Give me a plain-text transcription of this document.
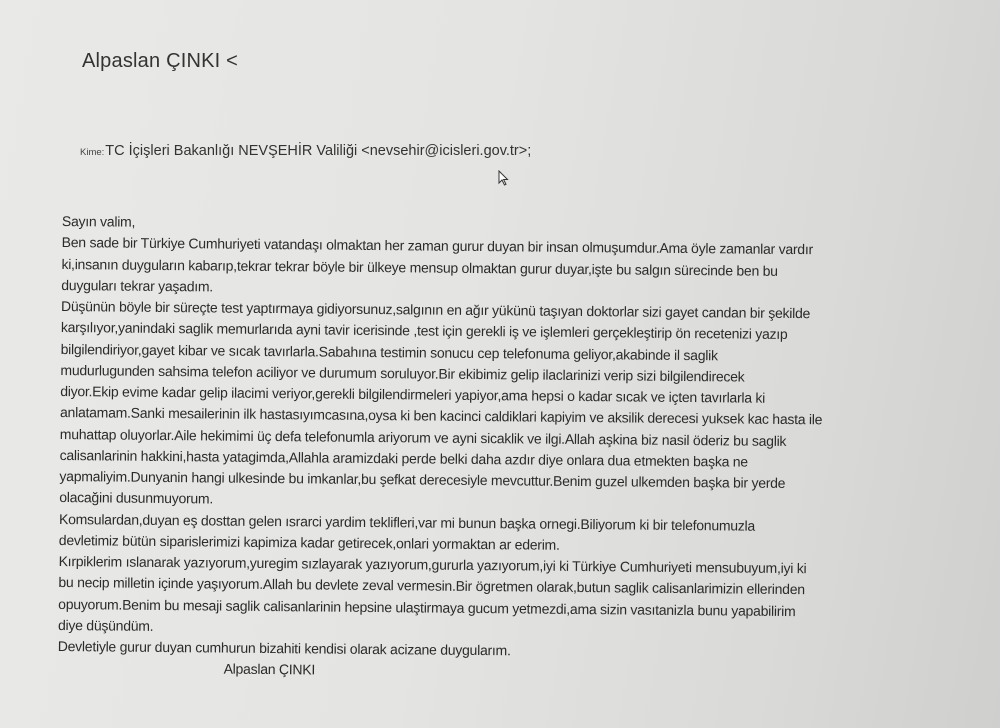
Alpaslan ÇINKI <
Kime:TC İçişleri Bakanlığı NEVŞEHİR Valiliği <nevsehir@icisleri.gov.tr>;
Sayın valim,
Ben sade bir Türkiye Cumhuriyeti vatandaşı olmaktan her zaman gurur duyan bir insan olmuşumdur.Ama öyle zamanlar vardır
ki,insanın duyguların kabarıp,tekrar tekrar böyle bir ülkeye mensup olmaktan gurur duyar,işte bu salgın sürecinde ben bu
duyguları tekrar yaşadım.
Düşünün böyle bir süreçte test yaptırmaya gidiyorsunuz,salgının en ağır yükünü taşıyan doktorlar sizi gayet candan bir şekilde
karşılıyor,yanindaki saglik memurlarıda ayni tavir icerisinde ,test için gerekli iş ve işlemleri gerçekleştirip ön recetenizi yazıp
bilgilendiriyor,gayet kibar ve sıcak tavırlarla.Sabahına testimin sonucu cep telefonuma geliyor,akabinde il saglik
mudurlugunden sahsima telefon aciliyor ve durumum soruluyor.Bir ekibimiz gelip ilaclarinizi verip sizi bilgilendirecek
diyor.Ekip evime kadar gelip ilacimi veriyor,gerekli bilgilendirmeleri yapiyor,ama hepsi o kadar sıcak ve içten tavırlarla ki
anlatamam.Sanki mesailerinin ilk hastasıyımcasına,oysa ki ben kacinci caldiklari kapiyim ve aksilik derecesi yuksek kac hasta ile
muhattap oluyorlar.Aile hekimimi üç defa telefonumla ariyorum ve ayni sicaklik ve ilgi.Allah aşkina biz nasil öderiz bu saglik
calisanlarinin hakkini,hasta yatagimda,Allahla aramizdaki perde belki daha azdır diye onlara dua etmekten başka ne
yapmaliyim.Dunyanin hangi ulkesinde bu imkanlar,bu şefkat derecesiyle mevcuttur.Benim guzel ulkemden başka bir yerde
olacağini dusunmuyorum.
Komsulardan,duyan eş dosttan gelen ısrarci yardim teklifleri,var mi bunun başka ornegi.Biliyorum ki bir telefonumuzla
devletimiz bütün siparislerimizi kapimiza kadar getirecek,onlari yormaktan ar ederim.
Kırpiklerim ıslanarak yazıyorum,yuregim sızlayarak yazıyorum,gururla yazıyorum,iyi ki Türkiye Cumhuriyeti mensubuyum,iyi ki
bu necip milletin içinde yaşıyorum.Allah bu devlete zeval vermesin.Bir ögretmen olarak,butun saglik calisanlarimizin ellerinden
opuyorum.Benim bu mesaji saglik calisanlarinin hepsine ulaştirmaya gucum yetmezdi,ama sizin vasıtanizla bunu yapabilirim
diye düşündüm.
Devletiyle gurur duyan cumhurun bizahiti kendisi olarak acizane duygularım.
Alpaslan ÇINKI
